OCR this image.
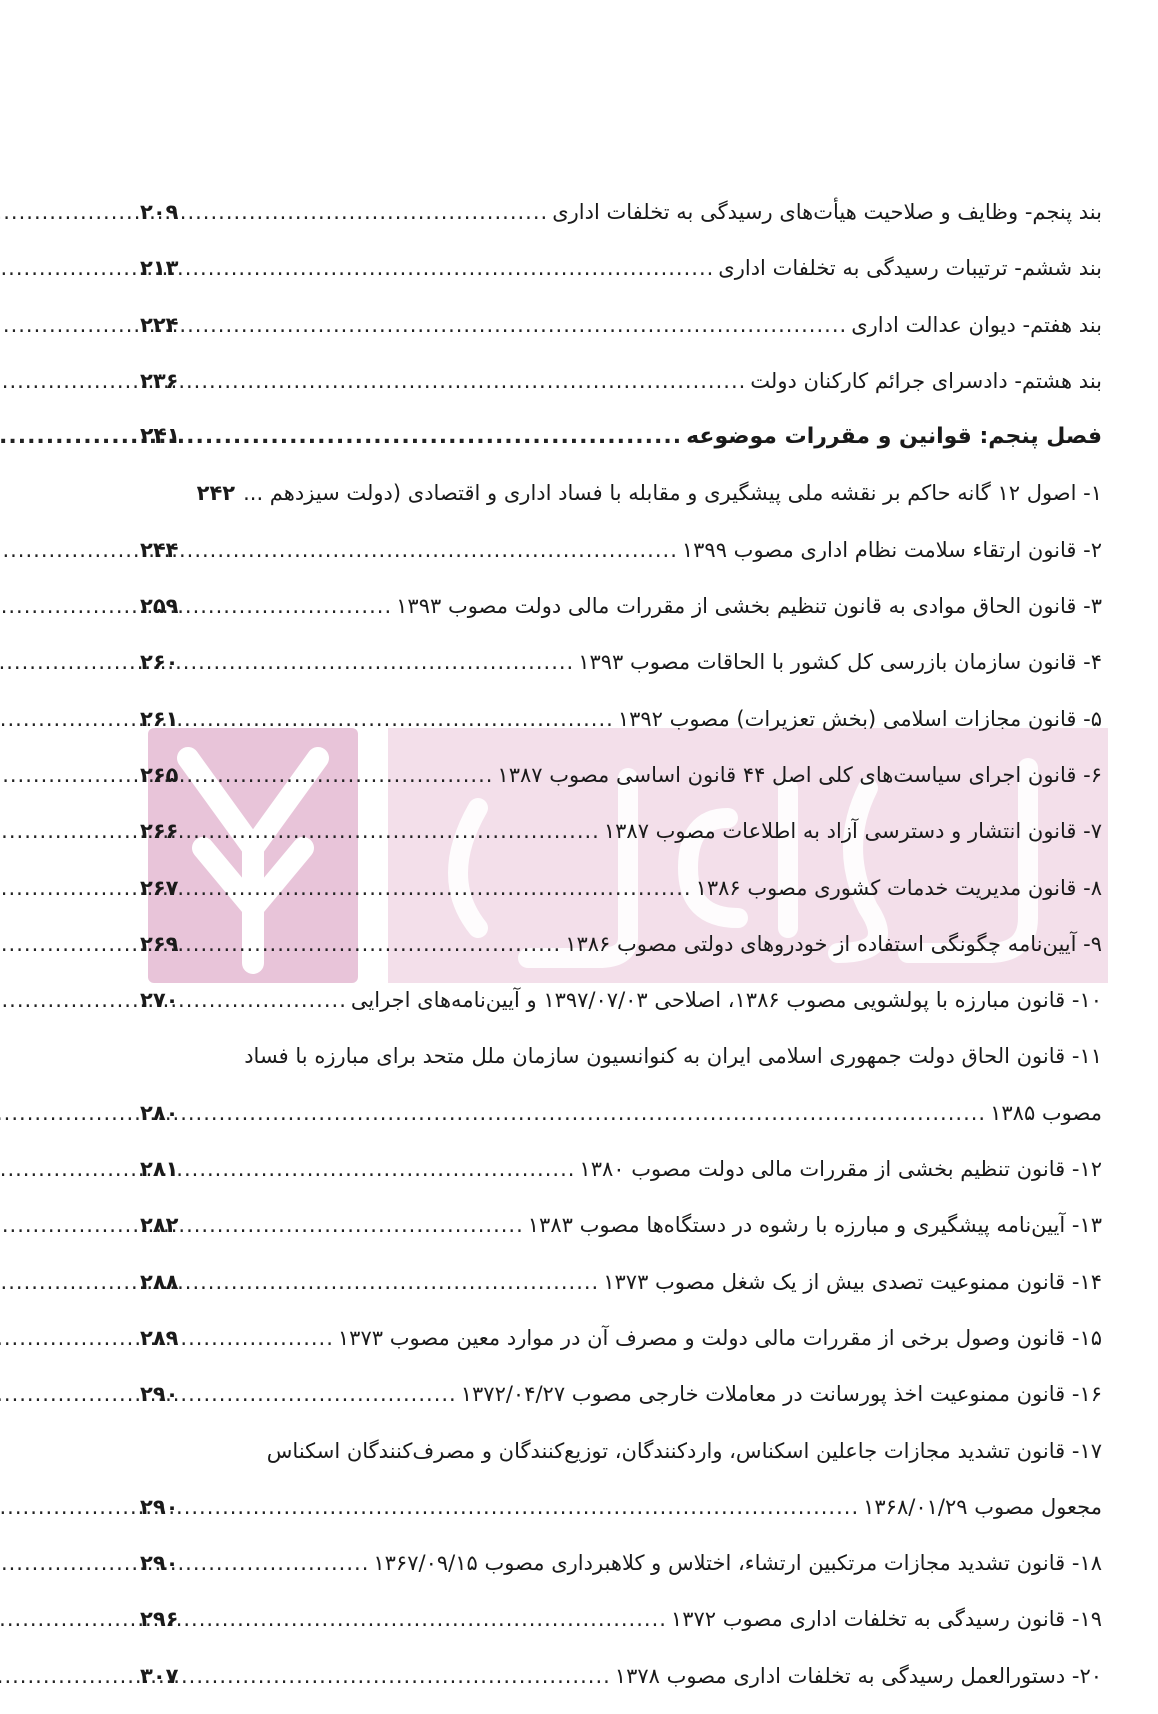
بند پنجم- وظایف و صلاحیت هیأت‌های رسیدگی به تخلفات اداری
.....
۲۰۹
بند ششم- ترتیبات رسیدگی به تخلفات اداری
.....
۲۱۳
بند هفتم- دیوان عدالت اداری
.....
۲۲۴
بند هشتم- دادسرای جرائم کارکنان دولت
.....
۲۳۶
فصل پنجم: قوانین و مقررات موضوعه
.....
۲۴۱
۱- اصول ۱۲ گانه حاکم بر نقشه ملی پیشگیری و مقابله با فساد اداری و اقتصادی (دولت سیزدهم ...
۲۴۲
۲- قانون ارتقاء سلامت نظام اداری مصوب ۱۳۹۹
.....
۲۴۴
۳- قانون الحاق موادی به قانون تنظیم بخشی از مقررات مالی دولت مصوب ۱۳۹۳
.....
۲۵۹
۴- قانون سازمان بازرسی کل کشور با الحاقات مصوب ۱۳۹۳
.....
۲۶۰
۵- قانون مجازات اسلامی (بخش تعزیرات) مصوب ۱۳۹۲
.....
۲۶۱
۶- قانون اجرای سیاست‌های کلی اصل ۴۴ قانون اساسی مصوب ۱۳۸۷
.....
۲۶۵
۷- قانون انتشار و دسترسی آزاد به اطلاعات مصوب ۱۳۸۷
.....
۲۶۶
۸- قانون مدیریت خدمات کشوری مصوب ۱۳۸۶
.....
۲۶۷
۹- آیین‌نامه چگونگی استفاده از خودروهای دولتی مصوب ۱۳۸۶
.....
۲۶۹
۱۰- قانون مبارزه با پولشویی مصوب ۱۳۸۶، اصلاحی ۱۳۹۷/۰۷/۰۳ و آیین‌نامه‌های اجرایی
.....
۲۷۰
۱۱- قانون الحاق دولت جمهوری اسلامی ایران به کنوانسیون سازمان ملل متحد برای مبارزه با فساد
مصوب ۱۳۸۵
.....
۲۸۰
۱۲- قانون تنظیم بخشی از مقررات مالی دولت مصوب ۱۳۸۰
.....
۲۸۱
۱۳- آیین‌نامه پیشگیری و مبارزه با رشوه در دستگاه‌ها مصوب ۱۳۸۳
.....
۲۸۲
۱۴- قانون ممنوعیت تصدی بیش از یک شغل مصوب ۱۳۷۳
.....
۲۸۸
۱۵- قانون وصول برخی از مقررات مالی دولت و مصرف آن در موارد معین مصوب ۱۳۷۳
.....
۲۸۹
۱۶- قانون ممنوعیت اخذ پورسانت در معاملات خارجی مصوب ۱۳۷۲/۰۴/۲۷
.....
۲۹۰
۱۷- قانون تشدید مجازات جاعلین اسکناس، واردکنندگان، توزیع‌کنندگان و مصرف‌کنندگان اسکناس
مجعول مصوب ۱۳۶۸/۰۱/۲۹
.....
۲۹۰
۱۸- قانون تشدید مجازات مرتکبین ارتشاء، اختلاس و کلاهبرداری مصوب ۱۳۶۷/۰۹/۱۵
.....
۲۹۰
۱۹- قانون رسیدگی به تخلفات اداری مصوب ۱۳۷۲
.....
۲۹۶
۲۰- دستورالعمل رسیدگی به تخلفات اداری مصوب ۱۳۷۸
.....
۳۰۷
